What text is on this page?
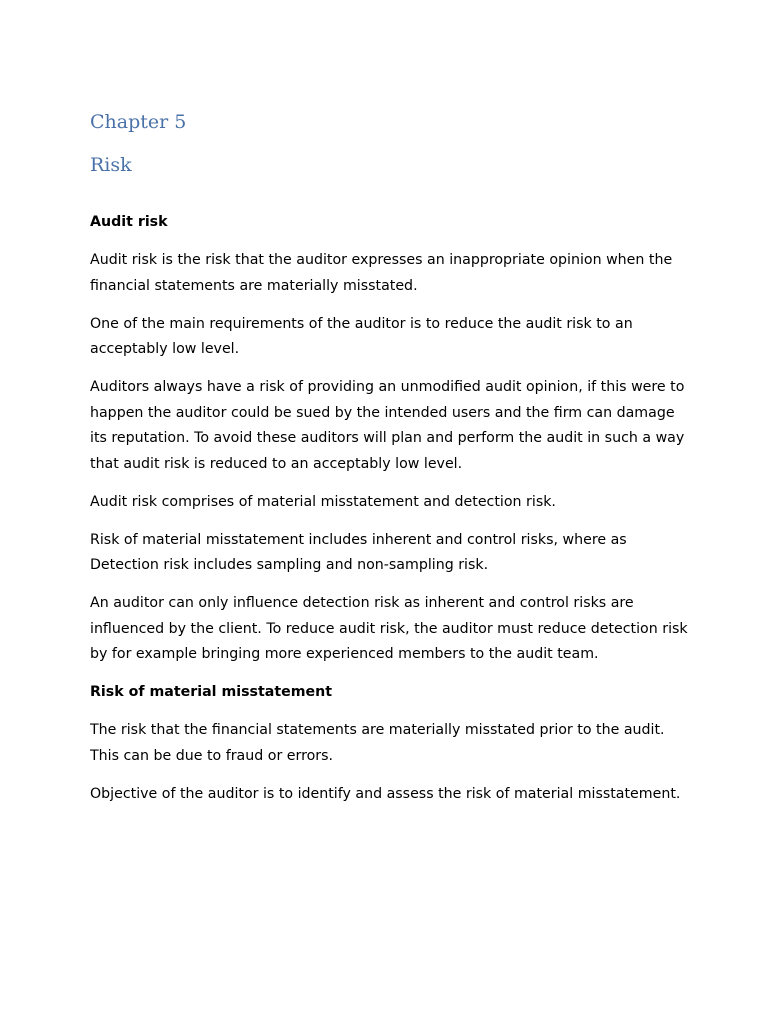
Chapter 5
Risk

Audit risk

Audit risk is the risk that the auditor expresses an inappropriate opinion when the financial statements are materially misstated.

One of the main requirements of the auditor is to reduce the audit risk to an acceptably low level.

Auditors always have a risk of providing an unmodified audit opinion, if this were to happen the auditor could be sued by the intended users and the firm can damage its reputation. To avoid these auditors will plan and perform the audit in such a way that audit risk is reduced to an acceptably low level.

Audit risk comprises of material misstatement and detection risk.

Risk of material misstatement includes inherent and control risks, where as Detection risk includes sampling and non-sampling risk.

An auditor can only influence detection risk as inherent and control risks are influenced by the client. To reduce audit risk, the auditor must reduce detection risk by for example bringing more experienced members to the audit team.

Risk of material misstatement

The risk that the financial statements are materially misstated prior to the audit. This can be due to fraud or errors.

Objective of the auditor is to identify and assess the risk of material misstatement.
